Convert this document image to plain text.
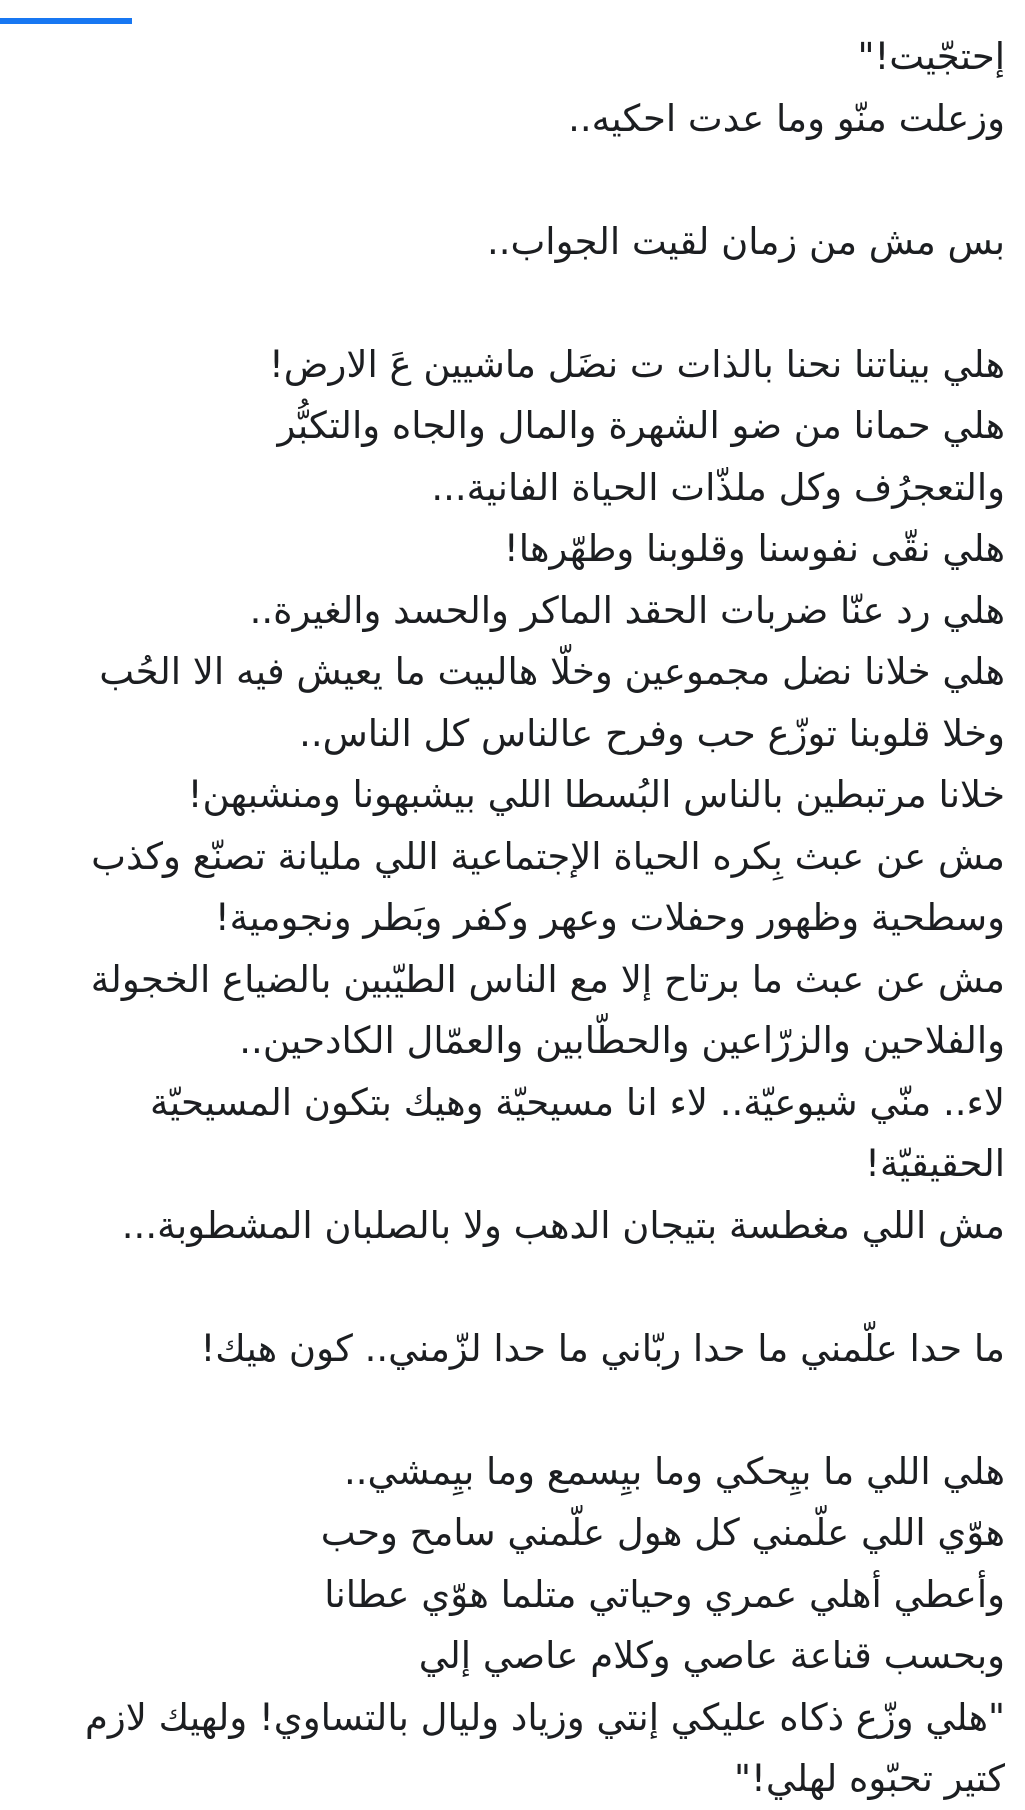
إحتجّيت!"
وزعلت منّو وما عدت احكيه..
بس مش من زمان لقيت الجواب..
هلي بيناتنا نحنا بالذات ت نضَل ماشيين عَ الارض!
هلي حمانا من ضو الشهرة والمال والجاه والتكبُّر
والتعجرُف وكل ملذّات الحياة الفانية...
هلي نقّى نفوسنا وقلوبنا وطهّرها!
هلي رد عنّا ضربات الحقد الماكر والحسد والغيرة..
هلي خلانا نضل مجموعين وخلّا هالبيت ما يعيش فيه الا الحُب
وخلا قلوبنا توزّع حب وفرح عالناس كل الناس..
خلانا مرتبطين بالناس البُسطا اللي بيشبهونا ومنشبهن!
مش عن عبث بِكره الحياة الإجتماعية اللي مليانة تصنّع وكذب
وسطحية وظهور وحفلات وعهر وكفر وبَطر ونجومية!
مش عن عبث ما برتاح إلا مع الناس الطيّبين بالضياع الخجولة
والفلاحين والزرّاعين والحطّابين والعمّال الكادحين..
لاء.. منّي شيوعيّة.. لاء انا مسيحيّة وهيك بتكون المسيحيّة
الحقيقيّة!
مش اللي مغطسة بتيجان الدهب ولا بالصلبان المشطوبة...
ما حدا علّمني ما حدا ربّاني ما حدا لزّمني.. كون هيك!
هلي اللي ما بيِحكي وما بيِسمع وما بيِمشي..
هوّي اللي علّمني كل هول علّمني سامح وحب
وأعطي أهلي عمري وحياتي متلما هوّي عطانا
وبحسب قناعة عاصي وكلام عاصي إلي
"هلي وزّع ذكاه عليكي إنتي وزياد وليال بالتساوي! ولهيك لازم
كتير تحبّوه لهلي!"
